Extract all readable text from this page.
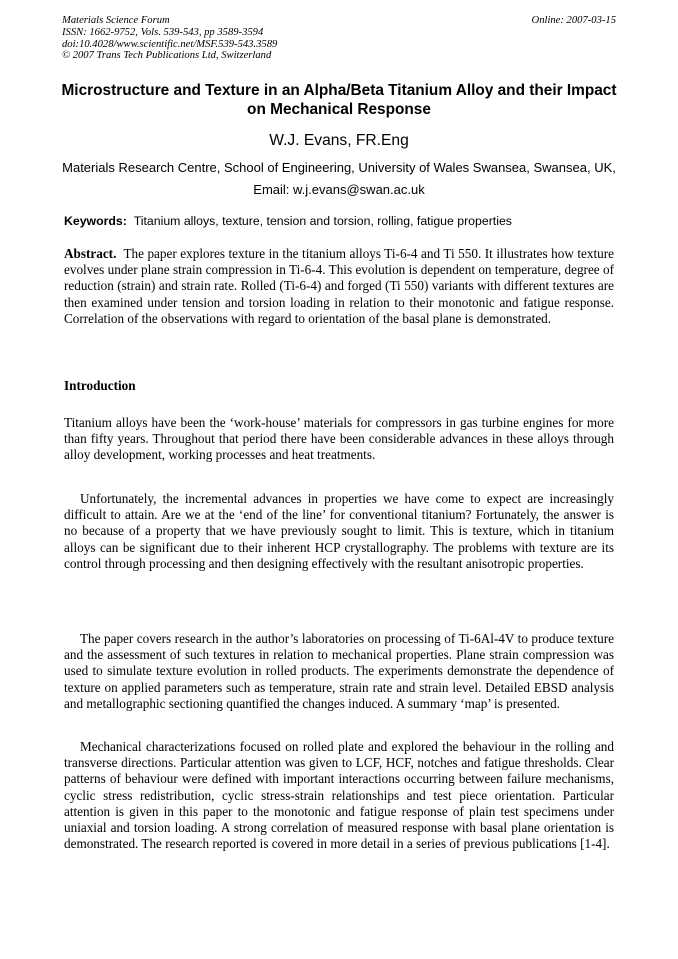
Materials Science Forum
ISSN: 1662-9752, Vols. 539-543, pp 3589-3594
doi:10.4028/www.scientific.net/MSF.539-543.3589
© 2007 Trans Tech Publications Ltd, Switzerland
Online: 2007-03-15
Microstructure and Texture in an Alpha/Beta Titanium Alloy and their Impact on Mechanical Response
W.J. Evans, FR.Eng
Materials Research Centre, School of Engineering, University of Wales Swansea, Swansea, UK,
Email: w.j.evans@swan.ac.uk
Keywords: Titanium alloys, texture, tension and torsion, rolling, fatigue properties
Abstract. The paper explores texture in the titanium alloys Ti-6-4 and Ti 550. It illustrates how texture evolves under plane strain compression in Ti-6-4. This evolution is dependent on temperature, degree of reduction (strain) and strain rate. Rolled (Ti-6-4) and forged (Ti 550) variants with different textures are then examined under tension and torsion loading in relation to their monotonic and fatigue response. Correlation of the observations with regard to orientation of the basal plane is demonstrated.
Introduction
Titanium alloys have been the ‘work-house’ materials for compressors in gas turbine engines for more than fifty years. Throughout that period there have been considerable advances in these alloys through alloy development, working processes and heat treatments.
Unfortunately, the incremental advances in properties we have come to expect are increasingly difficult to attain. Are we at the ‘end of the line’ for conventional titanium? Fortunately, the answer is no because of a property that we have previously sought to limit. This is texture, which in titanium alloys can be significant due to their inherent HCP crystallography. The problems with texture are its control through processing and then designing effectively with the resultant anisotropic properties.
The paper covers research in the author’s laboratories on processing of Ti-6Al-4V to produce texture and the assessment of such textures in relation to mechanical properties. Plane strain compression was used to simulate texture evolution in rolled products. The experiments demonstrate the dependence of texture on applied parameters such as temperature, strain rate and strain level. Detailed EBSD analysis and metallographic sectioning quantified the changes induced. A summary ‘map’ is presented.
Mechanical characterizations focused on rolled plate and explored the behaviour in the rolling and transverse directions. Particular attention was given to LCF, HCF, notches and fatigue thresholds. Clear patterns of behaviour were defined with important interactions occurring between failure mechanisms, cyclic stress redistribution, cyclic stress-strain relationships and test piece orientation. Particular attention is given in this paper to the monotonic and fatigue response of plain test specimens under uniaxial and torsion loading. A strong correlation of measured response with basal plane orientation is demonstrated. The research reported is covered in more detail in a series of previous publications [1-4].
